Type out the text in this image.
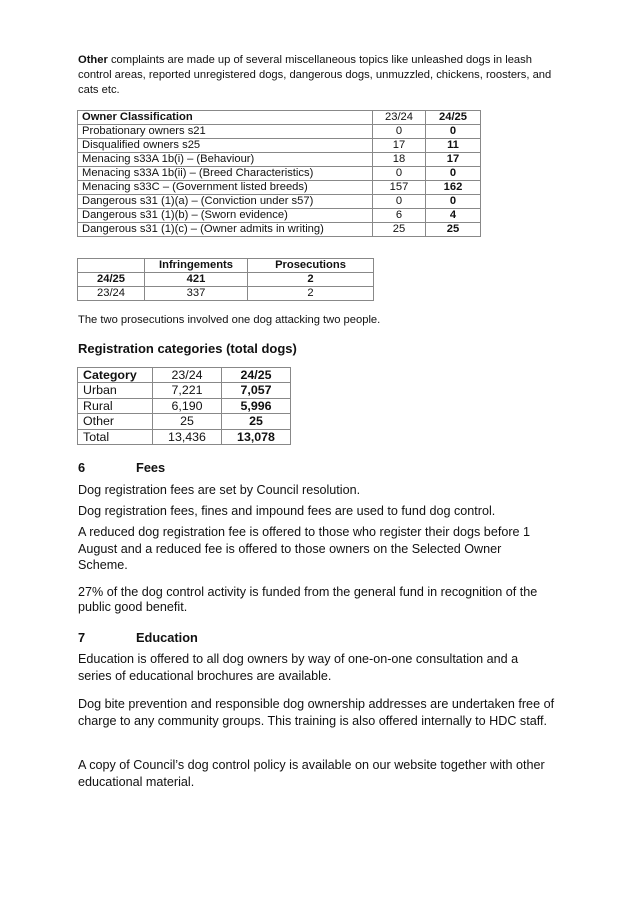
Other complaints are made up of several miscellaneous topics like unleashed dogs in leash control areas, reported unregistered dogs, dangerous dogs, unmuzzled, chickens, roosters, and cats etc.
Owner Classification	23/24	24/25
Probationary owners s21	0	0
Disqualified owners s25	17	11
Menacing s33A 1b(i) – (Behaviour)	18	17
Menacing s33A 1b(ii) – (Breed Characteristics)	0	0
Menacing s33C – (Government listed breeds)	157	162
Dangerous s31 (1)(a) – (Conviction under s57)	0	0
Dangerous s31 (1)(b) – (Sworn evidence)	6	4
Dangerous s31 (1)(c) – (Owner admits in writing)	25	25
	Infringements	Prosecutions
24/25	421	2
23/24	337	2
The two prosecutions involved one dog attacking two people.
Registration categories (total dogs)
Category	23/24	24/25
Urban	7,221	7,057
Rural	6,190	5,996
Other	25	25
Total	13,436	13,078
6	Fees
Dog registration fees are set by Council resolution.
Dog registration fees, fines and impound fees are used to fund dog control.
A reduced dog registration fee is offered to those who register their dogs before 1 August and a reduced fee is offered to those owners on the Selected Owner Scheme.
27% of the dog control activity is funded from the general fund in recognition of the public good benefit.
7	Education
Education is offered to all dog owners by way of one-on-one consultation and a series of educational brochures are available.
Dog bite prevention and responsible dog ownership addresses are undertaken free of charge to any community groups. This training is also offered internally to HDC staff.
A copy of Council’s dog control policy is available on our website together with other educational material.
